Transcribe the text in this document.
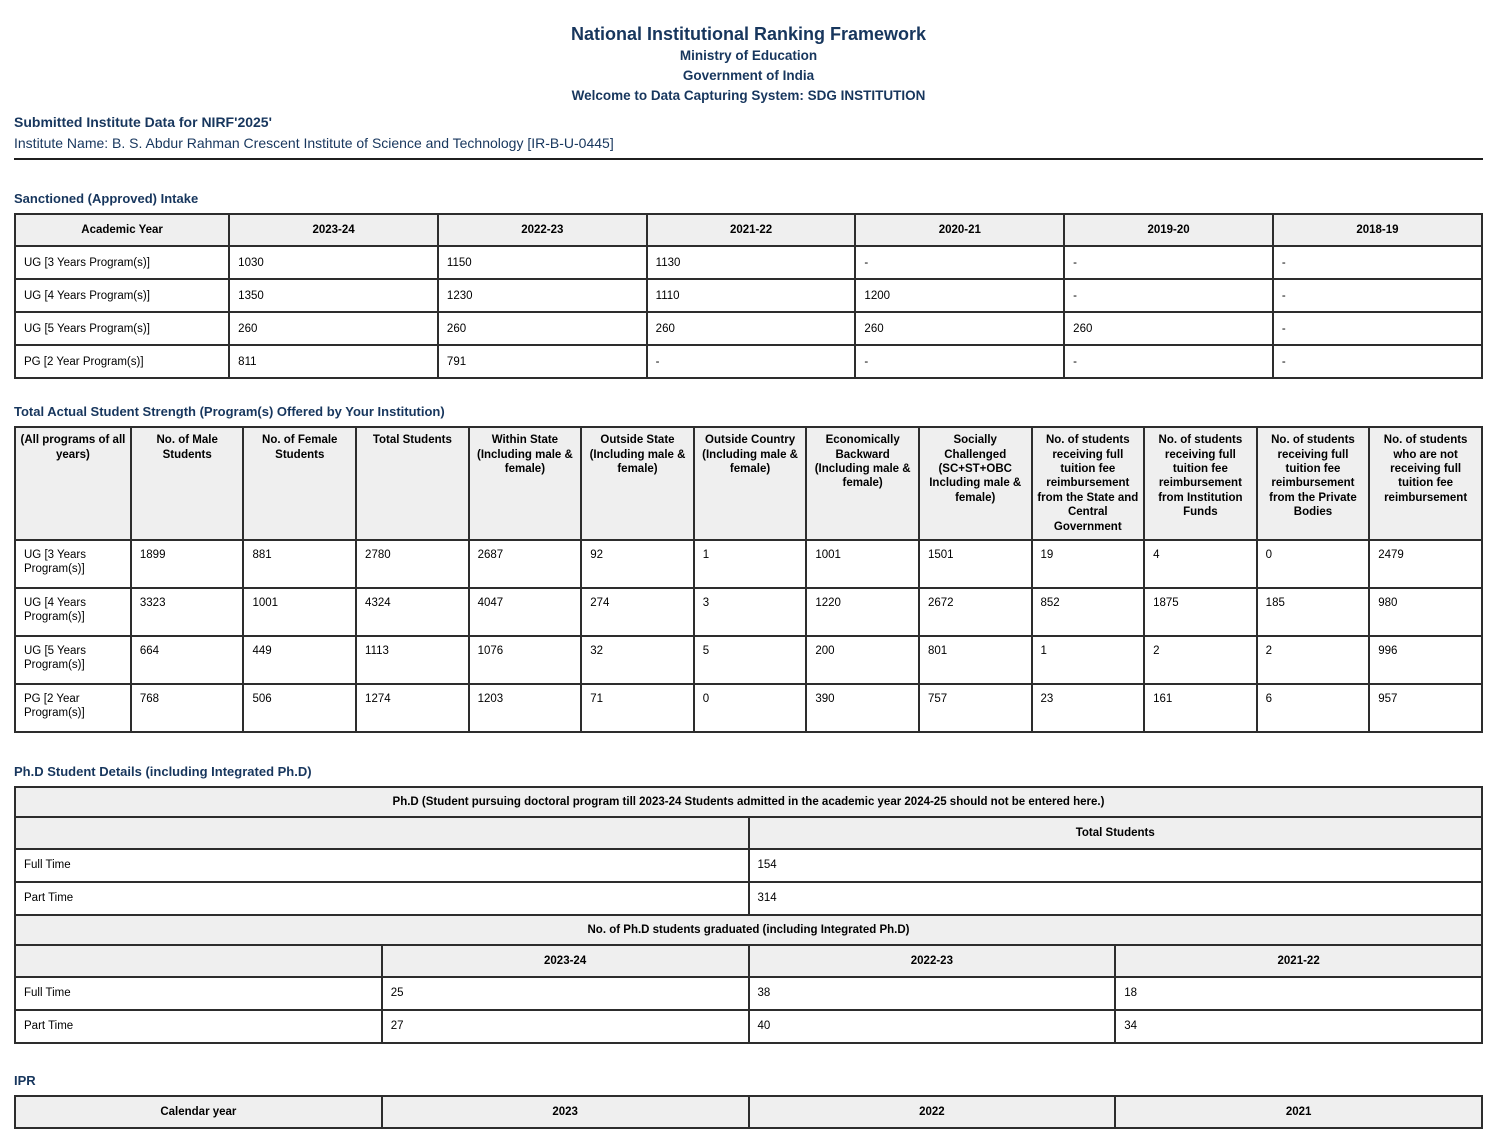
National Institutional Ranking Framework
Ministry of Education
Government of India
Welcome to Data Capturing System: SDG INSTITUTION
Submitted Institute Data for NIRF'2025'
Institute Name: B. S. Abdur Rahman Crescent Institute of Science and Technology [IR-B-U-0445]
Sanctioned (Approved) Intake
Academic Year	2023-24	2022-23	2021-22	2020-21	2019-20	2018-19
UG [3 Years Program(s)]	1030	1150	1130	-	-	-
UG [4 Years Program(s)]	1350	1230	1110	1200	-	-
UG [5 Years Program(s)]	260	260	260	260	260	-
PG [2 Year Program(s)]	811	791	-	-	-	-
Total Actual Student Strength (Program(s) Offered by Your Institution)
(All programs of all years)	No. of Male Students	No. of Female Students	Total Students	Within State (Including male & female)	Outside State (Including male & female)	Outside Country (Including male & female)	Economically Backward (Including male & female)	Socially Challenged (SC+ST+OBC Including male & female)	No. of students receiving full tuition fee reimbursement from the State and Central Government	No. of students receiving full tuition fee reimbursement from Institution Funds	No. of students receiving full tuition fee reimbursement from the Private Bodies	No. of students who are not receiving full tuition fee reimbursement
UG [3 Years Program(s)]	1899	881	2780	2687	92	1	1001	1501	19	4	0	2479
UG [4 Years Program(s)]	3323	1001	4324	4047	274	3	1220	2672	852	1875	185	980
UG [5 Years Program(s)]	664	449	1113	1076	32	5	200	801	1	2	2	996
PG [2 Year Program(s)]	768	506	1274	1203	71	0	390	757	23	161	6	957
Ph.D Student Details (including Integrated Ph.D)
Ph.D (Student pursuing doctoral program till 2023-24 Students admitted in the academic year 2024-25 should not be entered here.)			
		Total Students	
Full Time		154	
Part Time		314	
No. of Ph.D students graduated (including Integrated Ph.D)			
	2023-24	2022-23	2021-22
Full Time	25	38	18
Part Time	27	40	34
IPR
Calendar year	2023	2022	2021
